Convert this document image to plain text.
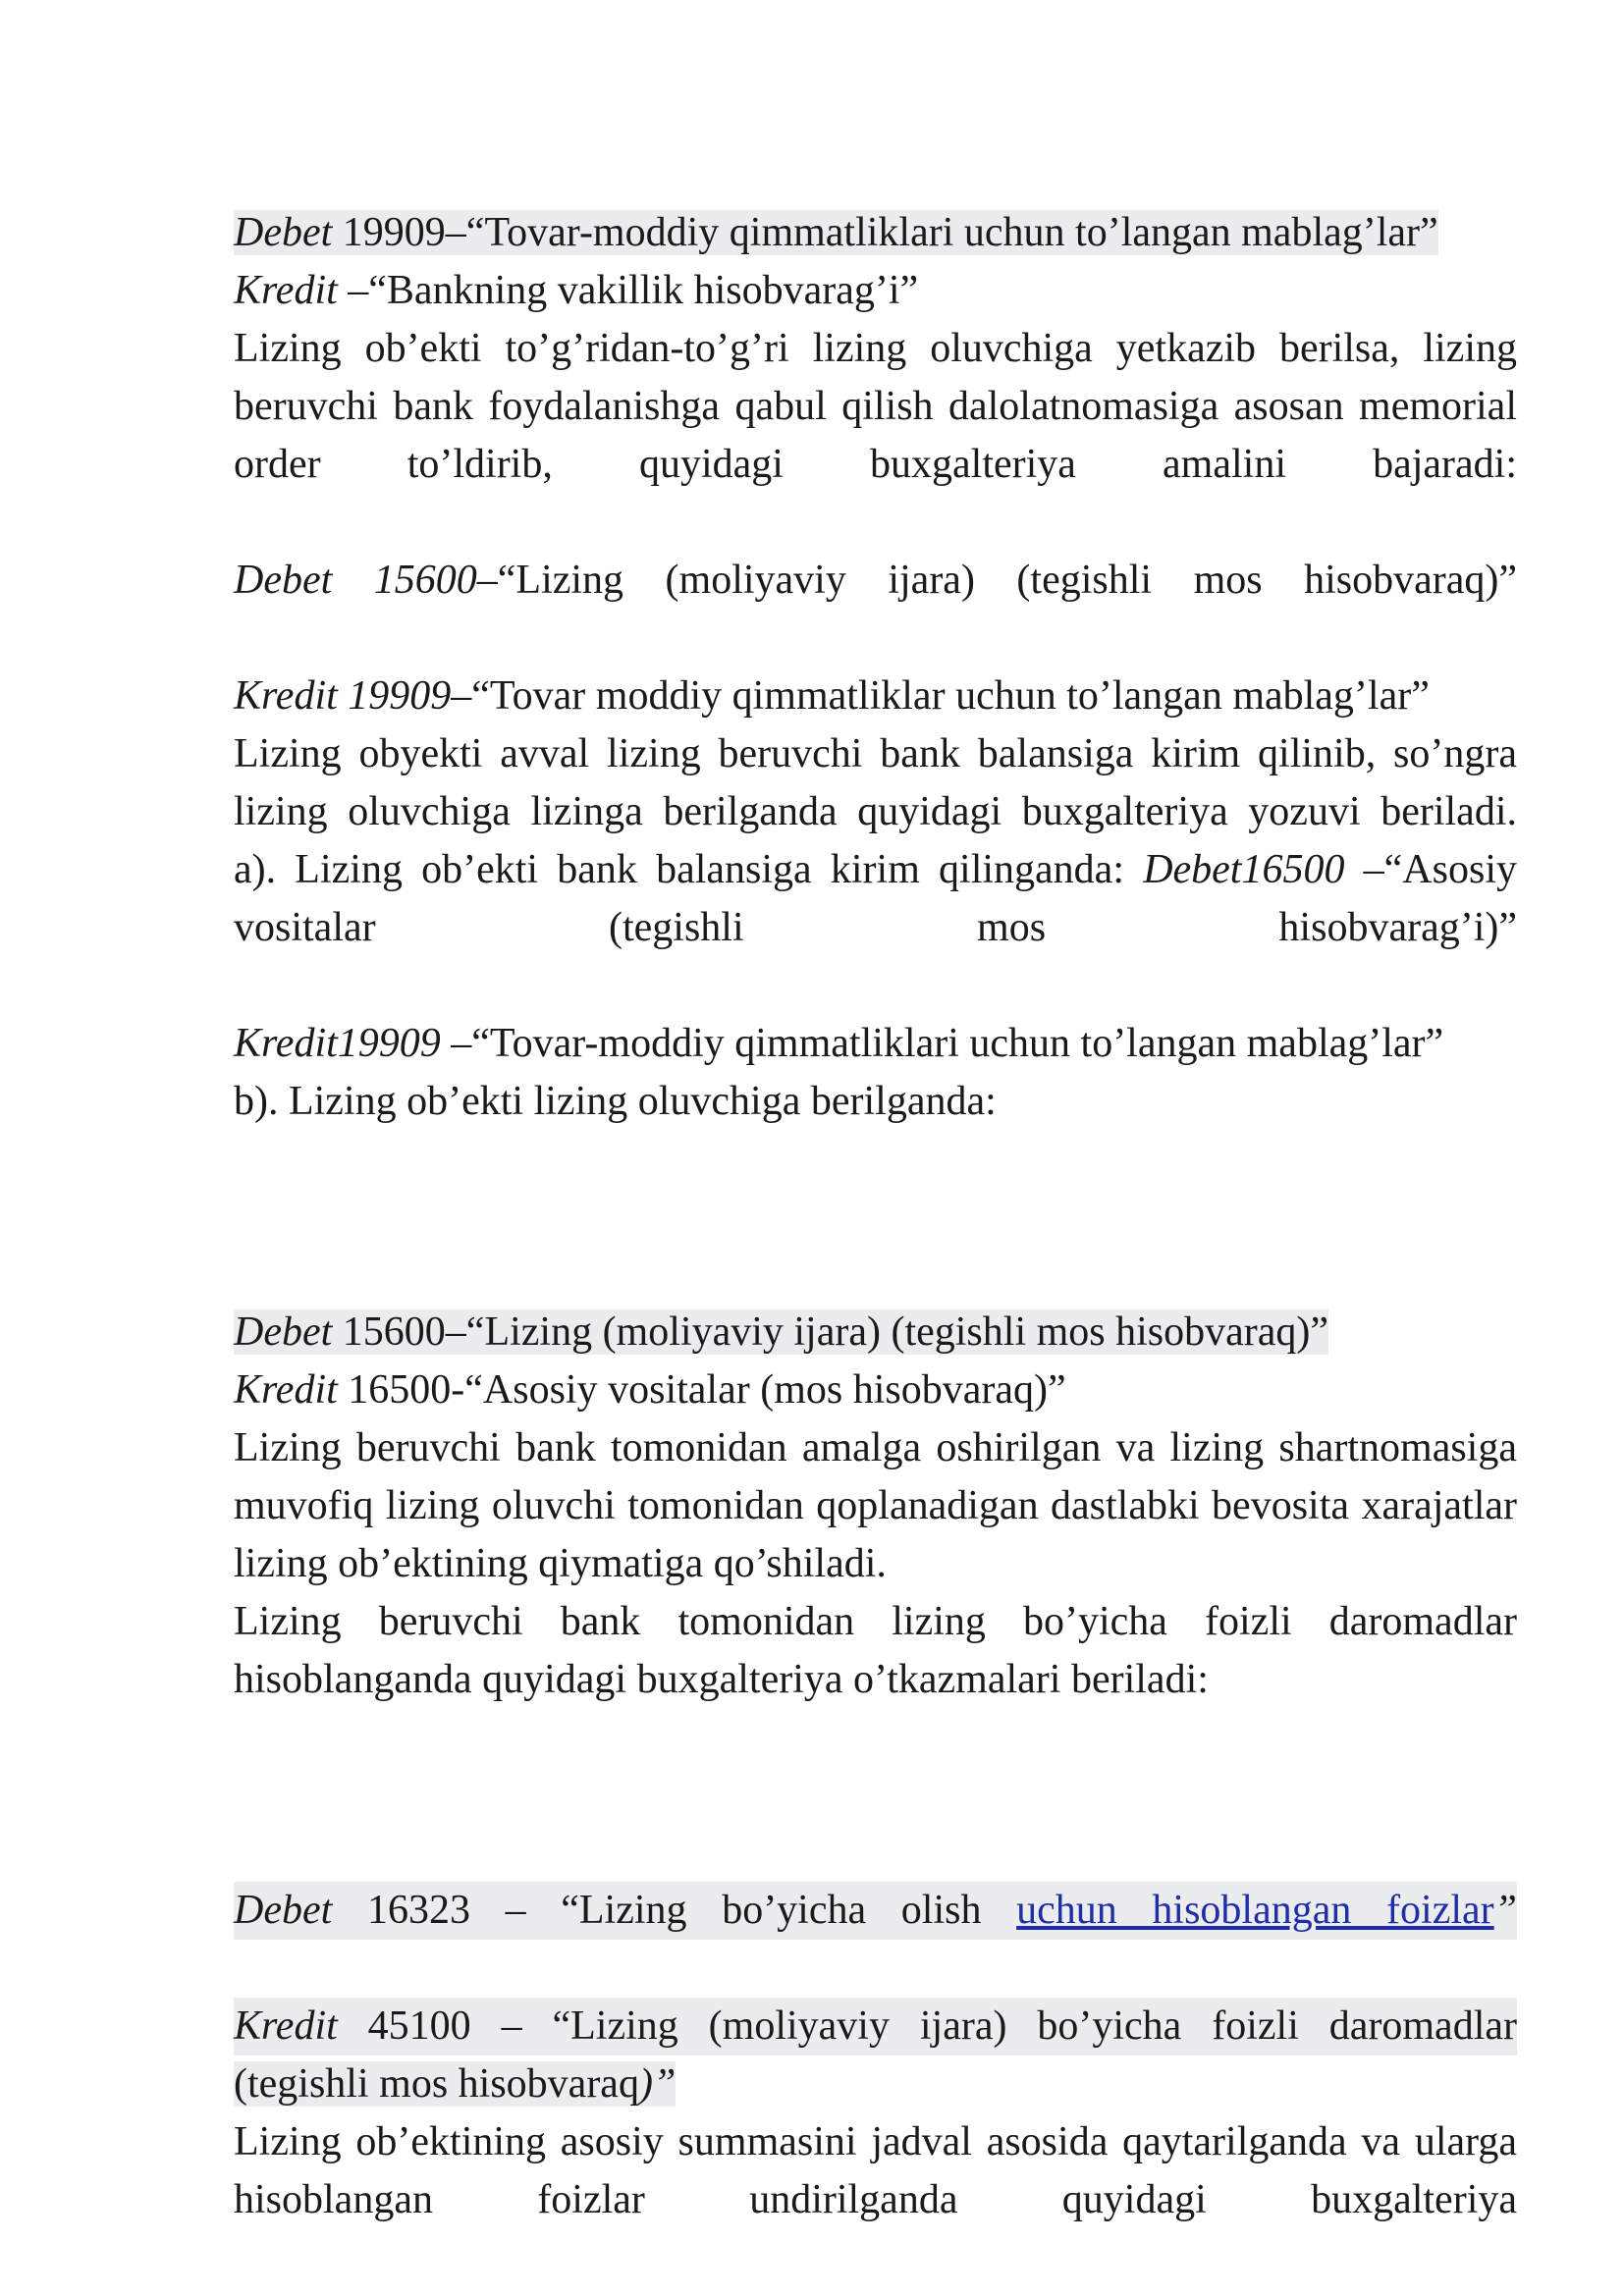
Debet 19909–“Tovar-moddiy qimmatliklari uchun to’langan mablag’lar”
Kredit –“Bankning vakillik hisobvarag’i”
Lizing ob’ekti to’g’ridan-to’g’ri lizing oluvchiga yetkazib berilsa, lizing beruvchi bank foydalanishga qabul qilish dalolatnomasiga asosan memorial order to’ldirib, quyidagi buxgalteriya amalini bajaradi:
Debet 15600–“Lizing (moliyaviy ijara) (tegishli mos hisobvaraq)”
Kredit 19909–“Tovar moddiy qimmatliklar uchun to’langan mablag’lar”
Lizing obyekti avval lizing beruvchi bank balansiga kirim qilinib, so’ngra lizing oluvchiga lizinga berilganda quyidagi buxgalteriya yozuvi beriladi.
a). Lizing ob’ekti bank balansiga kirim qilinganda: Debet16500 –“Asosiy vositalar (tegishli mos hisobvarag’i)”
Kredit19909 –“Tovar-moddiy qimmatliklari uchun to’langan mablag’lar”
b). Lizing ob’ekti lizing oluvchiga berilganda:
Debet 15600–“Lizing (moliyaviy ijara) (tegishli mos hisobvaraq)”
Kredit 16500-“Asosiy vositalar (mos hisobvaraq)”
Lizing beruvchi bank tomonidan amalga oshirilgan va lizing shartnomasiga muvofiq lizing oluvchi tomonidan qoplanadigan dastlabki bevosita xarajatlar lizing ob’ektining qiymatiga qo’shiladi.
Lizing beruvchi bank tomonidan lizing bo’yicha foizli daromadlar hisoblanganda quyidagi buxgalteriya o’tkazmalari beriladi:
Debet 16323 – “Lizing bo’yicha olish uchun hisoblangan foizlar”
Kredit 45100 – “Lizing (moliyaviy ijara) bo’yicha foizli daromadlar
(tegishli mos hisobvaraq)”
Lizing ob’ektining asosiy summasini jadval asosida qaytarilganda va ularga hisoblangan foizlar undirilganda quyidagi buxgalteriya
